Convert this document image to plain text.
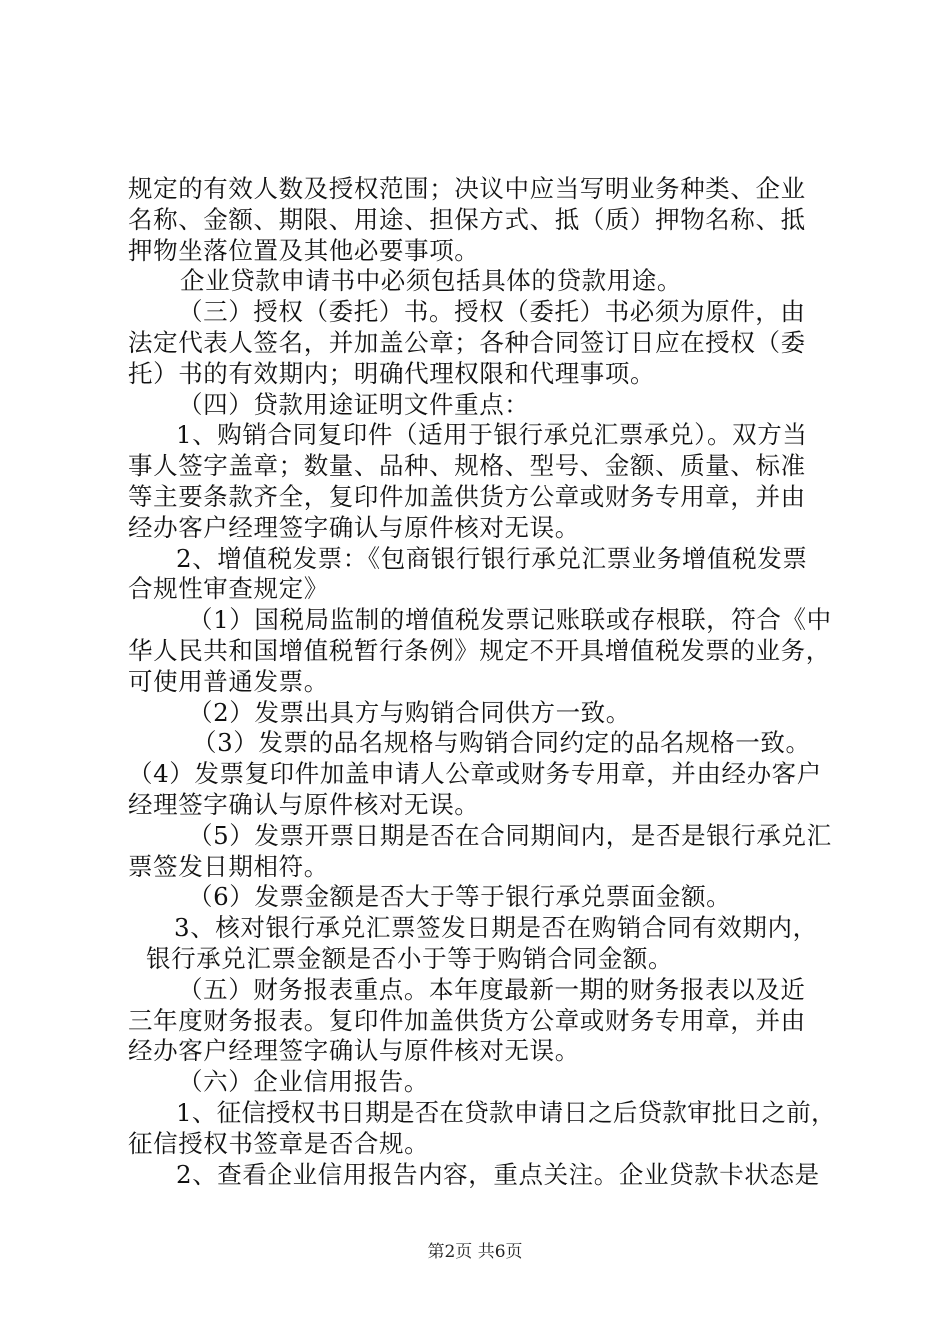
规定的有效人数及授权范围；决议中应当写明业务种类、企业
名称、金额、期限、用途、担保方式、抵（质）押物名称、抵
押物坐落位置及其他必要事项。
企业贷款申请书中必须包括具体的贷款用途。
（三）授权（委托）书。授权（委托）书必须为原件，由
法定代表人签名，并加盖公章；各种合同签订日应在授权（委
托）书的有效期内；明确代理权限和代理事项。
（四）贷款用途证明文件重点：
1、购销合同复印件（适用于银行承兑汇票承兑）。双方当
事人签字盖章；数量、品种、规格、型号、金额、质量、标准
等主要条款齐全，复印件加盖供货方公章或财务专用章，并由
经办客户经理签字确认与原件核对无误。
2、增值税发票：《包商银行银行承兑汇票业务增值税发票
合规性审查规定》
（1）国税局监制的增值税发票记账联或存根联，符合《中
华人民共和国增值税暂行条例》规定不开具增值税发票的业务，
可使用普通发票。
（2）发票出具方与购销合同供方一致。
（3）发票的品名规格与购销合同约定的品名规格一致。
（4）发票复印件加盖申请人公章或财务专用章，并由经办客户
经理签字确认与原件核对无误。
（5）发票开票日期是否在合同期间内，是否是银行承兑汇
票签发日期相符。
（6）发票金额是否大于等于银行承兑票面金额。
3、核对银行承兑汇票签发日期是否在购销合同有效期内，
银行承兑汇票金额是否小于等于购销合同金额。
（五）财务报表重点。本年度最新一期的财务报表以及近
三年度财务报表。复印件加盖供货方公章或财务专用章，并由
经办客户经理签字确认与原件核对无误。
（六）企业信用报告。
1、征信授权书日期是否在贷款申请日之后贷款审批日之前，
征信授权书签章是否合规。
2、查看企业信用报告内容，重点关注。企业贷款卡状态是
第2页 共6页
